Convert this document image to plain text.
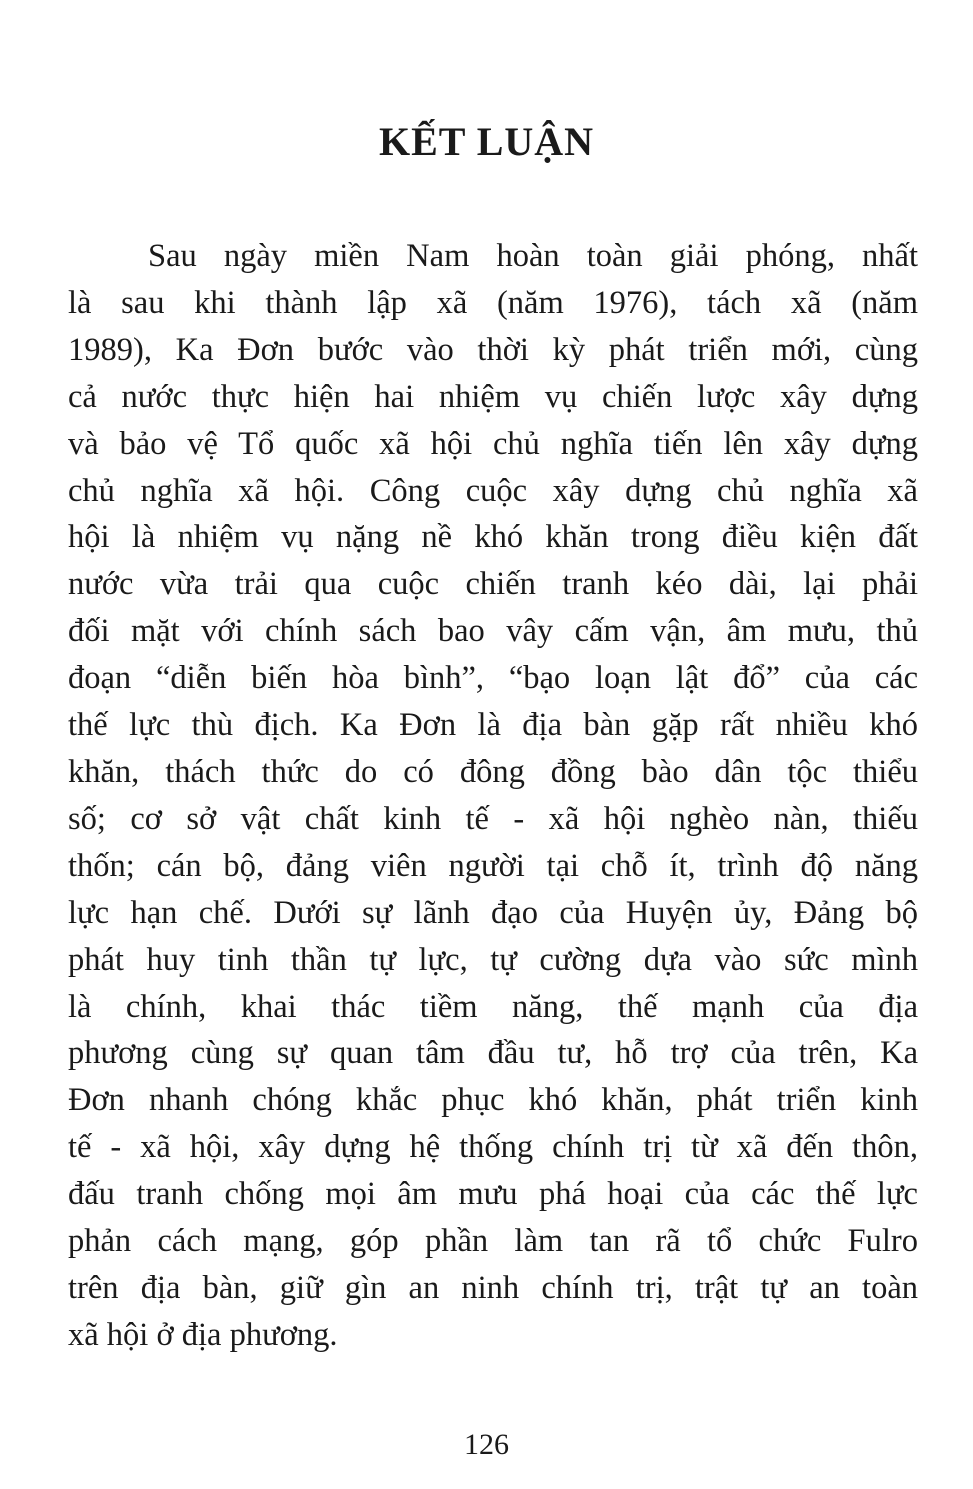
KẾT LUẬN
Sau ngày miền Nam hoàn toàn giải phóng, nhất
là sau khi thành lập xã (năm 1976), tách xã (năm
1989), Ka Đơn bước vào thời kỳ phát triển mới, cùng
cả nước thực hiện hai nhiệm vụ chiến lược xây dựng
và bảo vệ Tổ quốc xã hội chủ nghĩa tiến lên xây dựng
chủ nghĩa xã hội. Công cuộc xây dựng chủ nghĩa xã
hội là nhiệm vụ nặng nề khó khăn trong điều kiện đất
nước vừa trải qua cuộc chiến tranh kéo dài, lại phải
đối mặt với chính sách bao vây cấm vận, âm mưu, thủ
đoạn “diễn biến hòa bình”, “bạo loạn lật đổ” của các
thế lực thù địch. Ka Đơn là địa bàn gặp rất nhiều khó
khăn, thách thức do có đông đồng bào dân tộc thiểu
số; cơ sở vật chất kinh tế - xã hội nghèo nàn, thiếu
thốn; cán bộ, đảng viên người tại chỗ ít, trình độ năng
lực hạn chế. Dưới sự lãnh đạo của Huyện ủy, Đảng bộ
phát huy tinh thần tự lực, tự cường dựa vào sức mình
là chính, khai thác tiềm năng, thế mạnh của địa
phương cùng sự quan tâm đầu tư, hỗ trợ của trên, Ka
Đơn nhanh chóng khắc phục khó khăn, phát triển kinh
tế - xã hội, xây dựng hệ thống chính trị từ xã đến thôn,
đấu tranh chống mọi âm mưu phá hoại của các thế lực
phản cách mạng, góp phần làm tan rã tổ chức Fulro
trên địa bàn, giữ gìn an ninh chính trị, trật tự an toàn
xã hội ở địa phương.
126
